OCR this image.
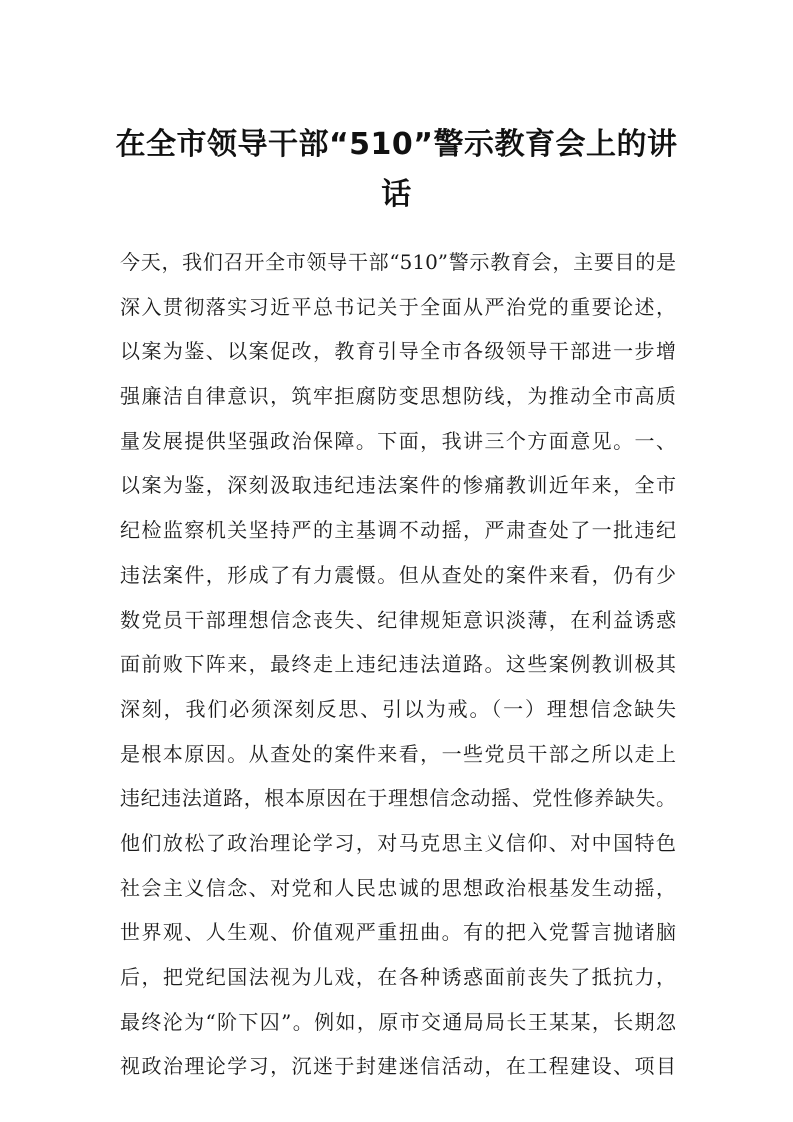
在全市领导干部“510”警示教育会上的讲
话
今天，我们召开全市领导干部“510”警示教育会，主要目的是
深入贯彻落实习近平总书记关于全面从严治党的重要论述，
以案为鉴、以案促改，教育引导全市各级领导干部进一步增
强廉洁自律意识，筑牢拒腐防变思想防线，为推动全市高质
量发展提供坚强政治保障。下面，我讲三个方面意见。一、
以案为鉴，深刻汲取违纪违法案件的惨痛教训近年来，全市
纪检监察机关坚持严的主基调不动摇，严肃查处了一批违纪
违法案件，形成了有力震慑。但从查处的案件来看，仍有少
数党员干部理想信念丧失、纪律规矩意识淡薄，在利益诱惑
面前败下阵来，最终走上违纪违法道路。这些案例教训极其
深刻，我们必须深刻反思、引以为戒。（一）理想信念缺失
是根本原因。从查处的案件来看，一些党员干部之所以走上
违纪违法道路，根本原因在于理想信念动摇、党性修养缺失。
他们放松了政治理论学习，对马克思主义信仰、对中国特色
社会主义信念、对党和人民忠诚的思想政治根基发生动摇，
世界观、人生观、价值观严重扭曲。有的把入党誓言抛诸脑
后，把党纪国法视为儿戏，在各种诱惑面前丧失了抵抗力，
最终沦为“阶下囚”。例如，原市交通局局长王某某，长期忽
视政治理论学习，沉迷于封建迷信活动，在工程建设、项目
